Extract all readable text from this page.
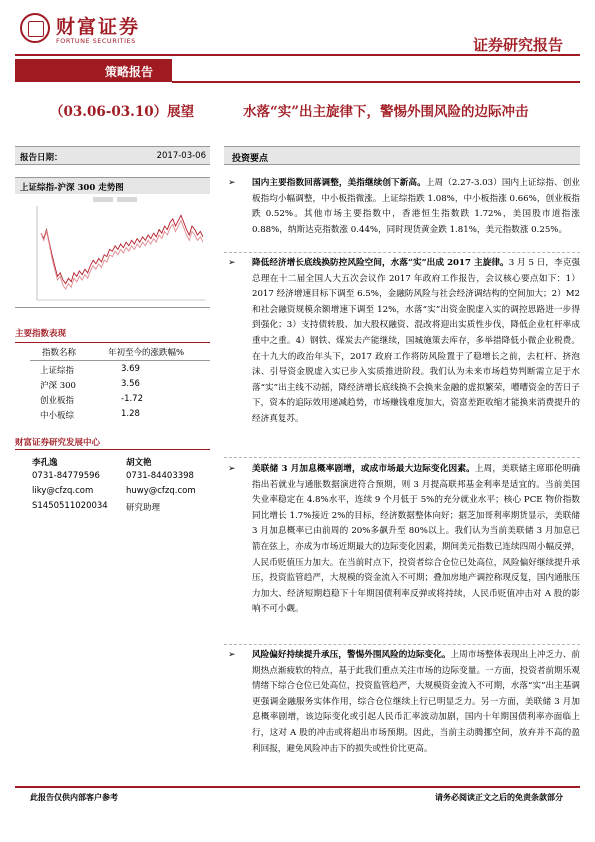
财富证券
FORTUNE SECURITIES	证券研究报告
策略报告
（03.06-03.10）展望	水落“实”出主旋律下，警惕外围风险的边际冲击
报告日期：	2017-03-06
上证综指-沪深 300 走势图
主要指数表现
指数名称	年初至今的涨跌幅%
上证综指	3.69
沪深 300	3.56
创业板指	-1.72
中小板综	1.28
财富证券研究发展中心
李孔逸	胡文艳
0731-84779596	0731-84403398
liky@cfzq.com	huwy@cfzq.com
S1450511020034 研究助理
投资要点
➢ 国内主要指数回落调整，美指继续创下新高。上周（2.27-3.03）国内上证综指、创业板指均小幅调整，中小板指微涨。上证综指跌 1.08%，中小板指涨 0.66%，创业板指跌 0.52%。其他市场主要指数中，香港恒生指数跌 1.72%，美国股市道指涨 0.88%，纳斯达克指数涨 0.44%，同时现货黄金跌 1.81%，美元指数涨 0.25%。
➢ 降低经济增长底线换防控风险空间，水落“实”出成 2017 主旋律。3 月 5 日，李克强总理在十二届全国人大五次会议作 2017 年政府工作报告，会议核心要点如下：1）2017 经济增速目标下调至 6.5%，金融防风险与社会经济调结构的空间加大；2）M2 和社会融资规模余额增速下调至 12%，水落“实”出资金脱虚入实的调控思路进一步得到强化；3）支持债转股、加大股权融资、混改将迎出实质性步伐，降低企业杠杆率成重中之重。4）钢铁、煤炭去产能继续，国城施策去库存，多举措降低小微企业税费。在十九大的政治年头下，2017 政府工作将防风险置于了稳增长之前，去杠杆、挤泡沫、引导资金脱虚入实已步入实质推进阶段。我们认为未来市场趋势判断需立足于水落“实”出主线不动摇，降经济增长底线换不会换来金融的虚拟繁荣，嘈嘈资金的苦日子下，资本的追际效用递减趋势，市场赚钱难度加大，资富差距收缩才能换来消费提升的经济真复苏。
➢ 美联储 3 月加息概率剧增，或成市场最大边际变化因素。上周，美联储主席耶伦明确指出若就业与通胀数据演进符合预期，则 3 月提高联邦基金利率是适宜的。当前美国失业率稳定在 4.8%水平，连续 9 个月低于 5%的充分就业水平；核心 PCE 物价指数同比增长 1.7%接近 2%的目标，经济数据整体向好；据芝加哥利率期货显示，美联储 3 月加息概率已由前周的 20%多飙升至 80%以上。我们认为当前美联储 3 月加息已箭在弦上，亦成为市场近期最大的边际变化因素，期间美元指数已连续四周小幅反弹，人民币贬值压力加大。在当前时点下，投资者综合仓位已处高位，风险偏好继续提升承压，投资监管趋严，大规模的资金流入不可期；叠加房地产调控称现反复，国内通胀压力加大、经济短期趋稳下十年期国债利率反弹或将持续，人民币贬值冲击对 A 股的影响不可小觑。
➢ 风险偏好持续提升承压，警惕外围风险的边际变化。上周市场整体表现出上冲乏力、前期热点渐疲软的特点，基于此我们重点关注市场的边际变量。一方面，投资者前期乐观情绪下综合仓位已处高位，投资监管趋严，大规模资金流入不可期，水落“实”出主基调更强调金融服务实体作用，综合仓位继续上行已明显乏力。另一方面，美联储 3 月加息概率剧增，该边际变化或引起人民币汇率波动加剧，国内十年期国债利率亦面临上行，这对 A 股的冲击或将超出市场预期。因此，当前主动腾挪空间，放弃并不高的盈利回报，避免风险冲击下的损失或性价比更高。
此报告仅供内部客户参考	请务必阅读正文之后的免责条款部分
